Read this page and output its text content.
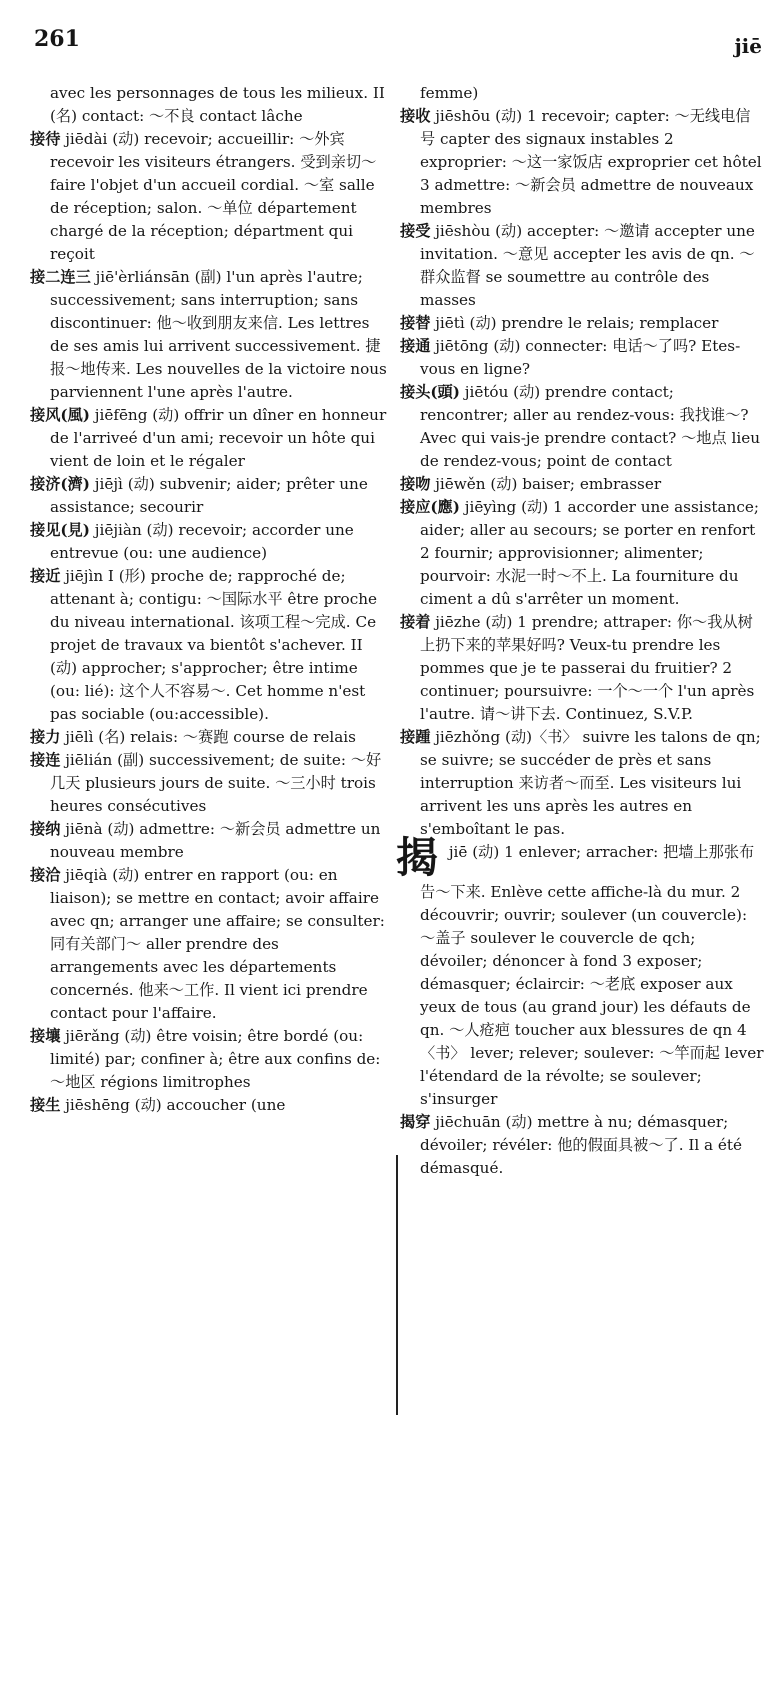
261	jiē

avec les personnages de tous les milieux. II (名) contact: ～不良 contact lâche

接待 jiēdài (动) recevoir; accueillir: ～外宾 recevoir les visiteurs étrangers. 受到亲切～ faire l'objet d'un accueil cordial. ～室 salle de réception; salon. ～单位 département chargé de la réception; départment qui reçoit

接二连三 jiē'èrliánsān (副) l'un après l'autre; successivement; sans interruption; sans discontinuer: 他～收到朋友来信. Les lettres de ses amis lui arrivent successivement. 捷报～地传来. Les nouvelles de la victoire nous parviennent l'une après l'autre.

接风(風) jiēfēng (动) offrir un dîner en honneur de l'arriveé d'un ami; recevoir un hôte qui vient de loin et le régaler

接济(濟) jiējì (动) subvenir; aider; prêter une assistance; secourir

接见(見) jiējiàn (动) recevoir; accorder une entrevue (ou: une audience)

接近 jiējìn I (形) proche de; rapproché de; attenant à; contigu: ～国际水平 être proche du niveau international. 该项工程～完成. Ce projet de travaux va bientôt s'achever. II (动) approcher; s'approcher; être intime (ou: lié): 这个人不容易～. Cet homme n'est pas sociable (ou:accessible).

接力 jiēlì (名) relais: ～赛跑 course de relais

接连 jiēlián (副) successivement; de suite: ～好几天 plusieurs jours de suite. ～三小时 trois heures consécutives

接纳 jiēnà (动) admettre: ～新会员 admettre un nouveau membre

接洽 jiēqià (动) entrer en rapport (ou: en liaison); se mettre en contact; avoir affaire avec qn; arranger une affaire; se consulter: 同有关部门～ aller prendre des arrangements avec les départements concernés. 他来～工作. Il vient ici prendre contact pour l'affaire.

接壤 jiērǎng (动) être voisin; être bordé (ou: limité) par; confiner à; être aux confins de: ～地区 régions limitrophes

接生 jiēshēng (动) accoucher (une

femme)

接收 jiēshōu (动) 1 recevoir; capter: ～无线电信号 capter des signaux instables 2 exproprier: ～这一家饭店 exproprier cet hôtel 3 admettre: ～新会员 admettre de nouveaux membres

接受 jiēshòu (动) accepter: ～邀请 accepter une invitation. ～意见 accepter les avis de qn. ～群众监督 se soumettre au contrôle des masses

接替 jiētì (动) prendre le relais; remplacer

接通 jiētōng (动) connecter: 电话～了吗? Etes-vous en ligne?

接头(頭) jiētóu (动) prendre contact; rencontrer; aller au rendez-vous: 我找谁～? Avec qui vais-je prendre contact? ～地点 lieu de rendez-vous; point de contact

接吻 jiēwěn (动) baiser; embrasser

接应(應) jiēyìng (动) 1 accorder une assistance; aider; aller au secours; se porter en renfort 2 fournir; approvisionner; alimenter; pourvoir: 水泥一时～不上. La fourniture du ciment a dû s'arrêter un moment.

接着 jiēzhe (动) 1 prendre; attraper: 你～我从树上扔下来的苹果好吗? Veux-tu prendre les pommes que je te passerai du fruitier? 2 continuer; poursuivre: 一个～一个 l'un après l'autre. 请～讲下去. Continuez, S.V.P.

接踵 jiēzhǒng (动)〈书〉 suivre les talons de qn; se suivre; se succéder de près et sans interruption 来访者～而至. Les visiteurs lui arrivent les uns après les autres en s'emboîtant le pas.

揭 jiē (动) 1 enlever; arracher: 把墙上那张布告～下来. Enlève cette affiche-là du mur. 2 découvrir; ouvrir; soulever (un couvercle): ～盖子 soulever le couvercle de qch; dévoiler; dénoncer à fond 3 exposer; démasquer; éclaircir: ～老底 exposer aux yeux de tous (au grand jour) les défauts de qn. ～人疮疤 toucher aux blessures de qn 4〈书〉 lever; relever; soulever: ～竿而起 lever l'étendard de la révolte; se soulever; s'insurger

揭穿 jiēchuān (动) mettre à nu; démasquer; dévoiler; révéler: 他的假面具被～了. Il a été démasqué.
